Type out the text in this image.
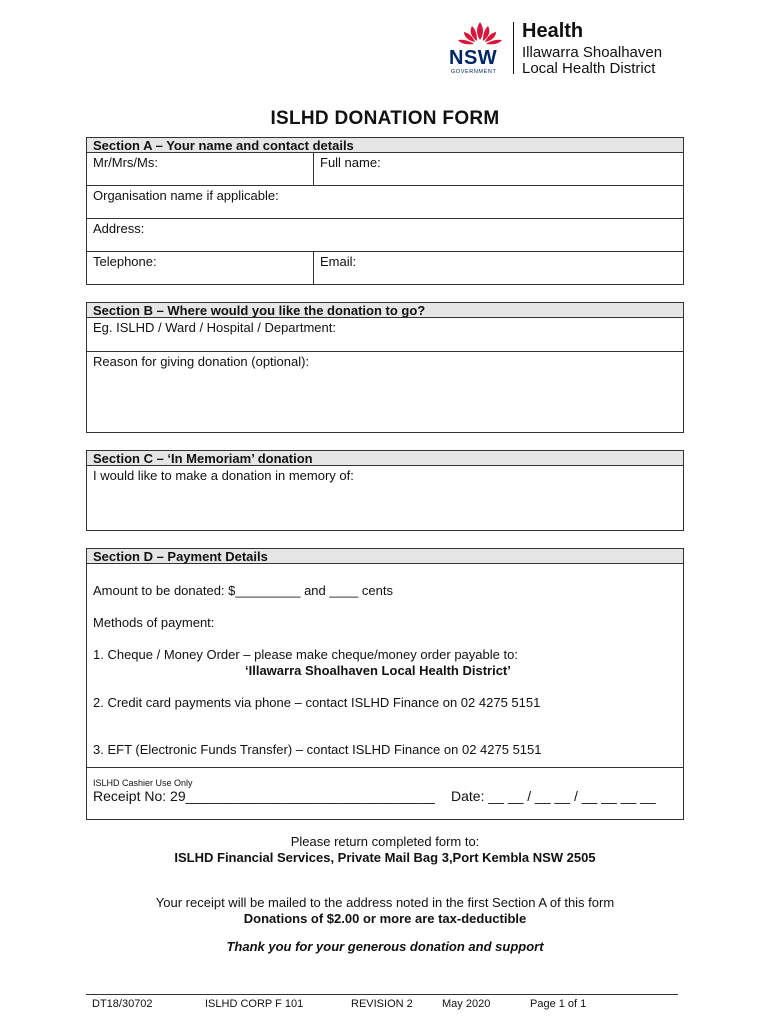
NSW
GOVERNMENT
Health
Illawarra Shoalhaven
Local Health District
ISLHD DONATION FORM
Section A – Your name and contact details
Mr/Mrs/Ms:	Full name:
Organisation name if applicable:
Address:
Telephone:	Email:
Section B – Where would you like the donation to go?
Eg. ISLHD / Ward / Hospital / Department:
Reason for giving donation (optional):
Section C – ‘In Memoriam’ donation
I would like to make a donation in memory of:
Section D – Payment Details
Amount to be donated: $_________ and ____ cents
Methods of payment:
1. Cheque / Money Order – please make cheque/money order payable to:
‘Illawarra Shoalhaven Local Health District’
2. Credit card payments via phone – contact ISLHD Finance on 02 4275 5151
3. EFT (Electronic Funds Transfer) – contact ISLHD Finance on 02 4275 5151
ISLHD Cashier Use Only
Receipt No: 29________________________________ Date: __ __ / __ __ / __ __ __ __
Please return completed form to:
ISLHD Financial Services, Private Mail Bag 3,Port Kembla NSW 2505
Your receipt will be mailed to the address noted in the first Section A of this form
Donations of $2.00 or more are tax-deductible
Thank you for your generous donation and support
DT18/30702	ISLHD CORP F 101	REVISION 2	May 2020	Page 1 of 1
